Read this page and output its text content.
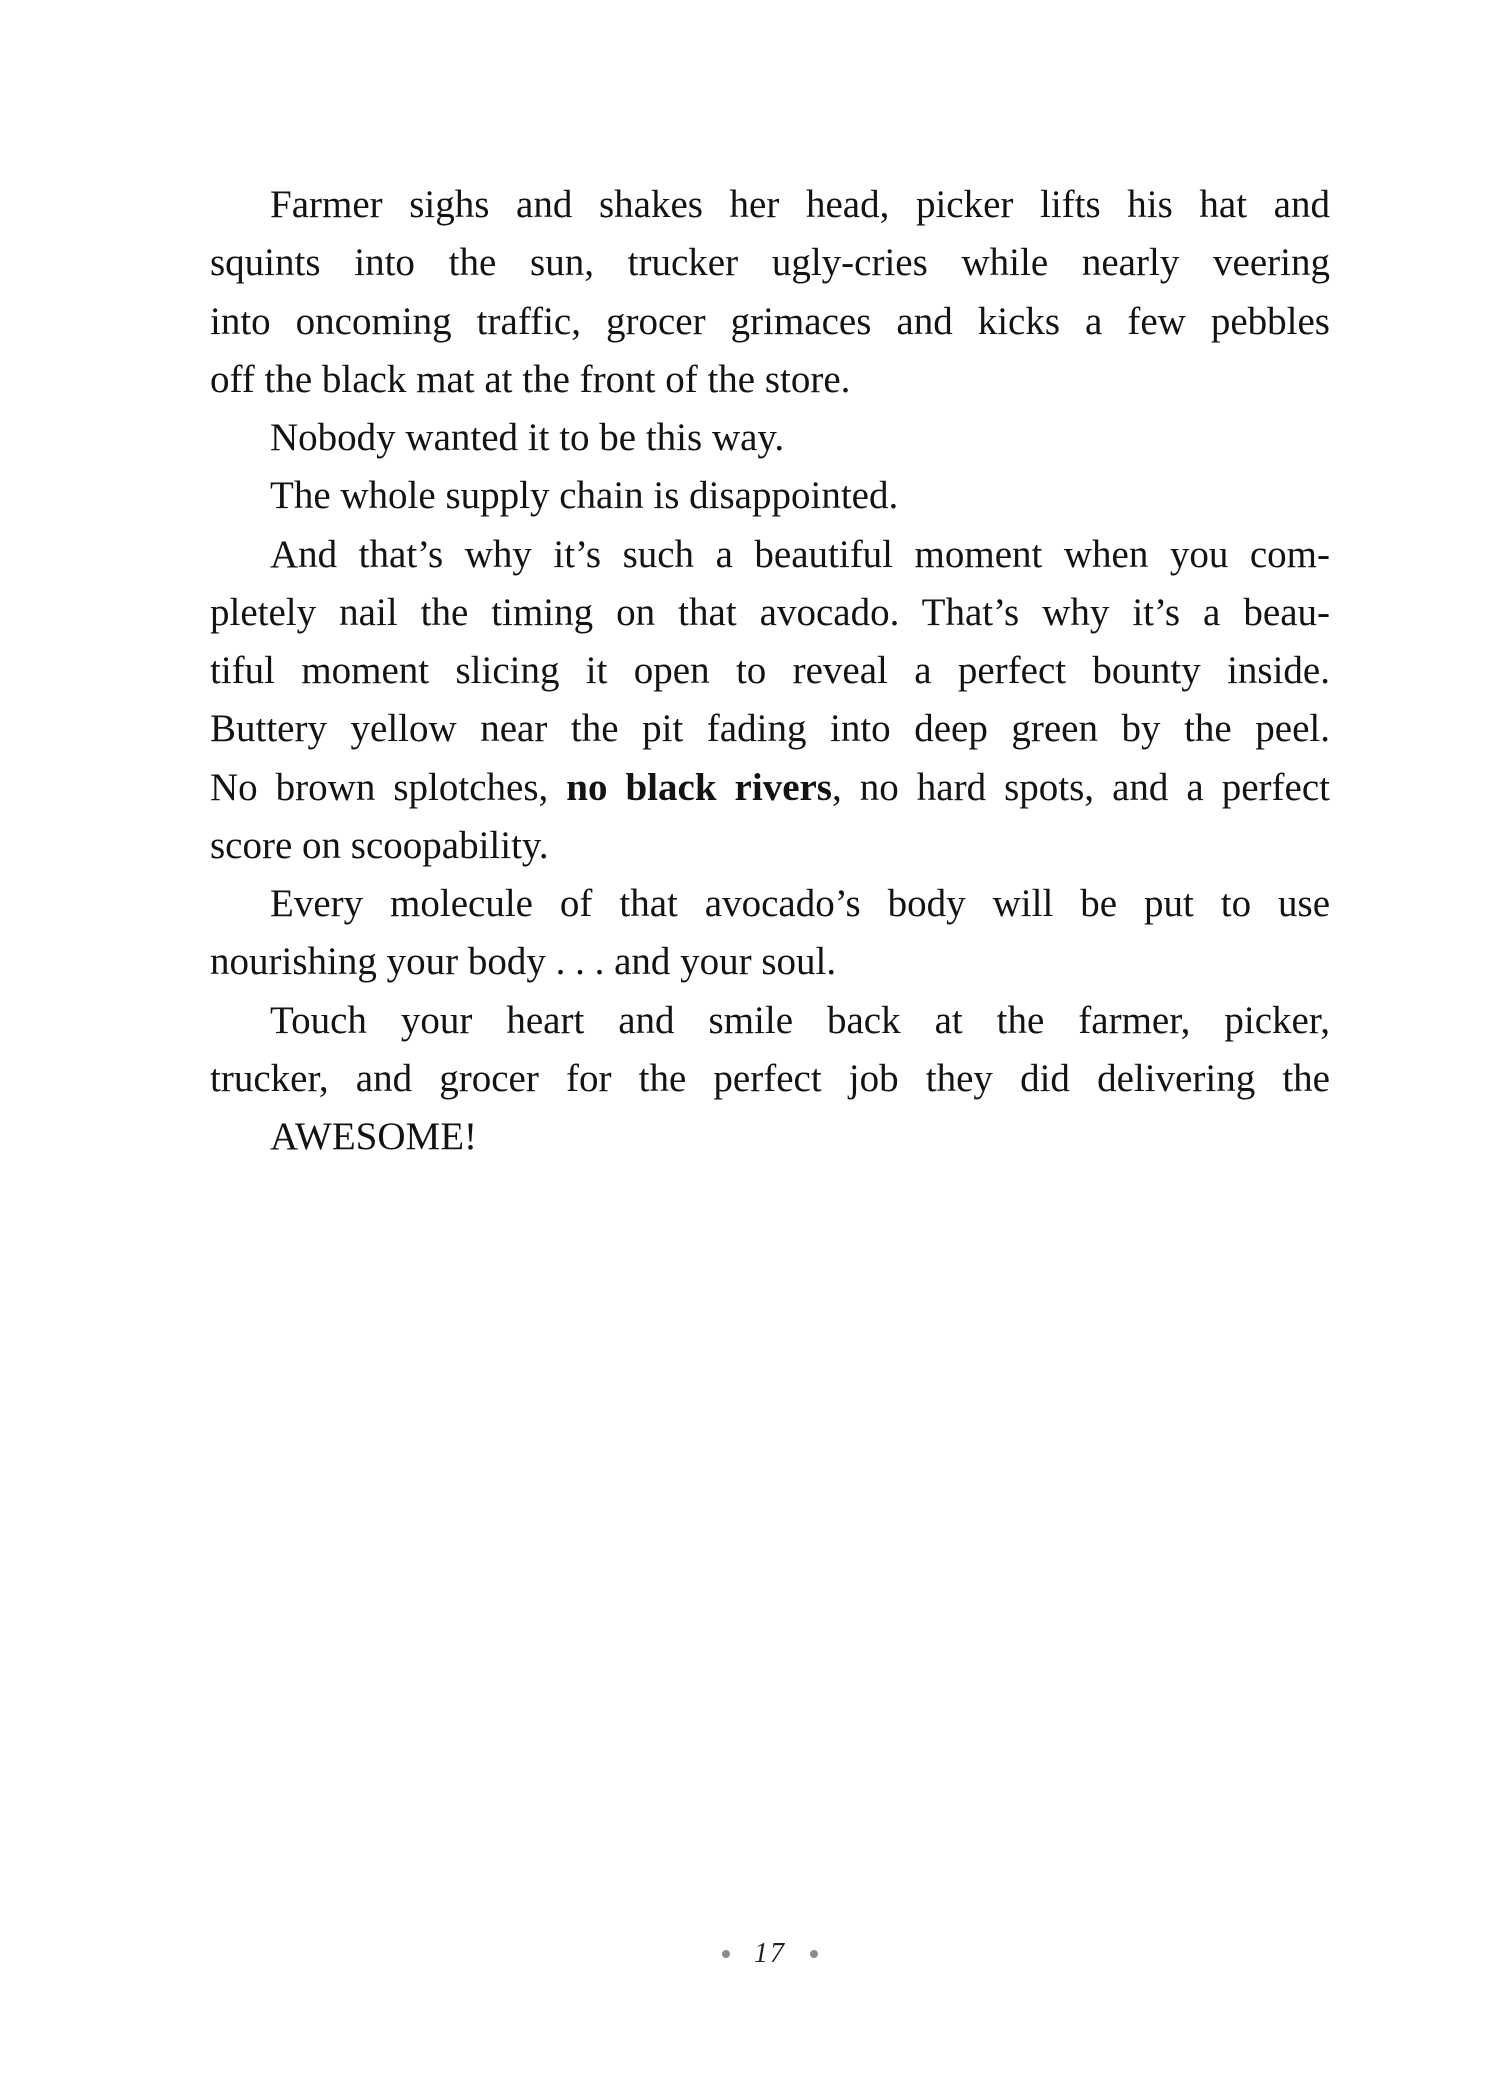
Farmer sighs and shakes her head, picker lifts his hat and
squints into the sun, trucker ugly-cries while nearly veering
into oncoming traffic, grocer grimaces and kicks a few pebbles
off the black mat at the front of the store.
Nobody wanted it to be this way.
The whole supply chain is disappointed.
And that’s why it’s such a beautiful moment when you com-
pletely nail the timing on that avocado. That’s why it’s a beau-
tiful moment slicing it open to reveal a perfect bounty inside.
Buttery yellow near the pit fading into deep green by the peel.
No brown splotches, no black rivers, no hard spots, and a perfect
score on scoopability.
Every molecule of that avocado’s body will be put to use
nourishing your body . . . and your soul.
Touch your heart and smile back at the farmer, picker,
trucker, and grocer for the perfect job they did delivering the
AWESOME!
17
